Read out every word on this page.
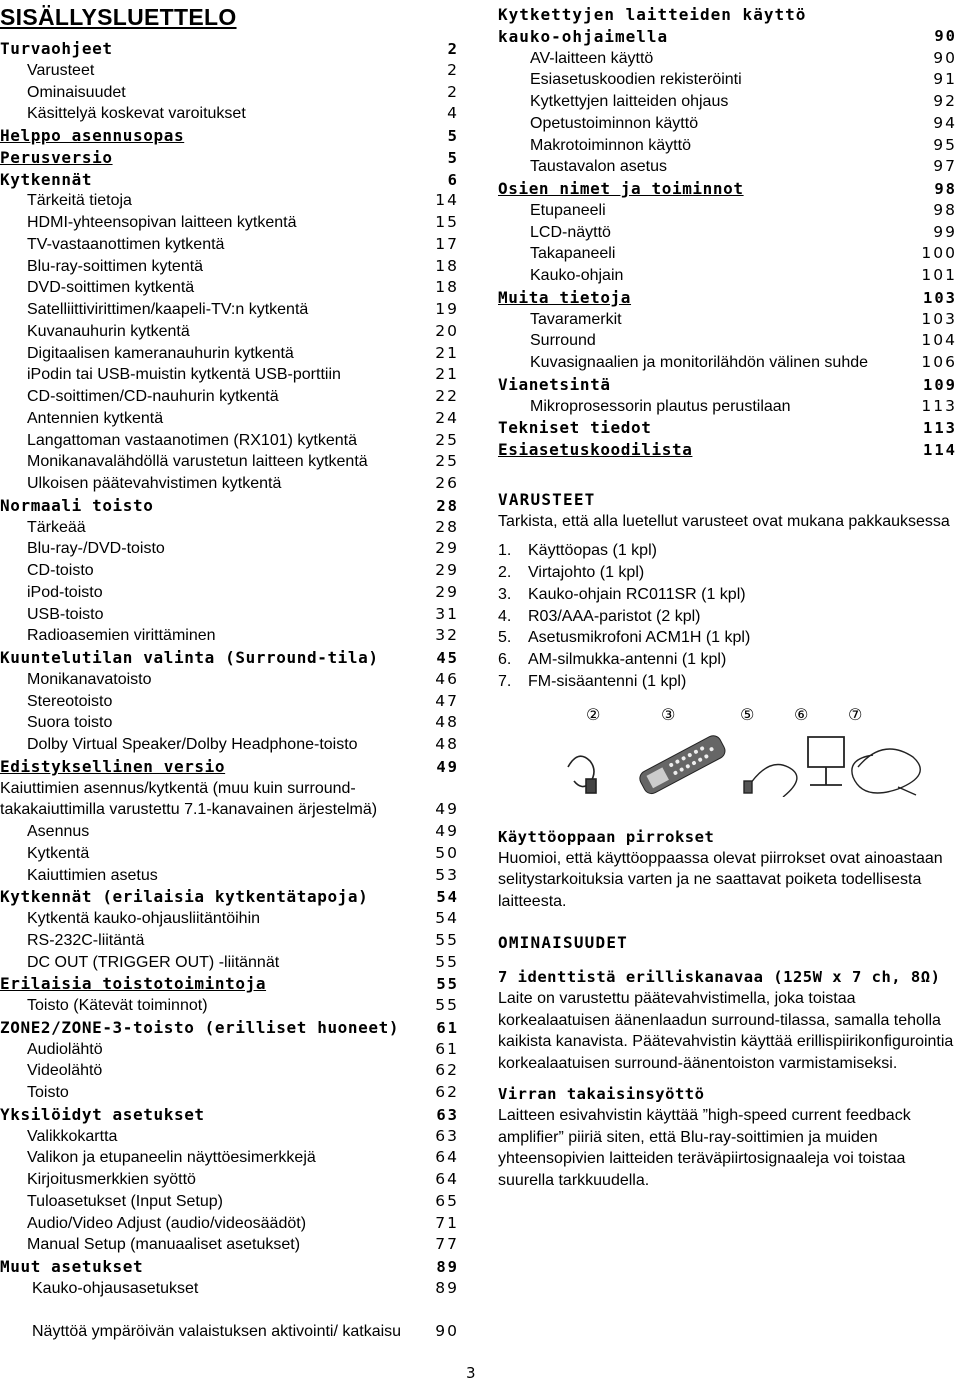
SISÄLLYSLUETTELO
Turvaohjeet	2
Varusteet	2
Ominaisuudet	2
Käsittelyä koskevat varoitukset	4
Helppo asennusopas	5
Perusversio	5
Kytkennät	6
Tärkeitä tietoja	14
HDMI-yhteensopivan laitteen kytkentä	15
TV-vastaanottimen kytkentä	17
Blu-ray-soittimen kytentä	18
DVD-soittimen kytkentä	18
Satelliittivirittimen/kaapeli-TV:n kytkentä	19
Kuvanauhurin kytkentä	20
Digitaalisen kameranauhurin kytkentä	21
iPodin tai USB-muistin kytkentä USB-porttiin	21
CD-soittimen/CD-nauhurin kytkentä	22
Antennien kytkentä	24
Langattoman vastaanotimen (RX101) kytkentä	25
Monikanavalähdöllä varustetun laitteen kytkentä	25
Ulkoisen päätevahvistimen kytkentä	26
Normaali toisto	28
Tärkeää	28
Blu-ray-/DVD-toisto	29
CD-toisto	29
iPod-toisto	29
USB-toisto	31
Radioasemien virittäminen	32
Kuuntelutilan valinta (Surround-tila)	45
Monikanavatoisto	46
Stereotoisto	47
Suora toisto	48
Dolby Virtual Speaker/Dolby Headphone-toisto	48
Edistyksellinen versio	49
Kaiuttimien asennus/kytkentä (muu kuin surround-takakaiuttimilla varustettu 7.1-kanavainen ärjestelmä)	49
Asennus	49
Kytkentä	50
Kaiuttimien asetus	53
Kytkennät (erilaisia kytkentätapoja)	54
Kytkentä kauko-ohjausliitäntöihin	54
RS-232C-liitäntä	55
DC OUT (TRIGGER OUT) -liitännät	55
Erilaisia toistotoimintoja	55
Toisto (Kätevät toiminnot)	55
ZONE2/ZONE-3-toisto (erilliset huoneet) 61
Audiolähtö	61
Videolähtö	62
Toisto	62
Yksilöidyt asetukset	63
Valikkokartta	63
Valikon ja etupaneelin näyttöesimerkkejä	64
Kirjoitusmerkkien syöttö	64
Tuloasetukset (Input Setup)	65
Audio/Video Adjust (audio/videosäädöt)	71
Manual Setup (manuaaliset asetukset)	77
Muut asetukset	89
Kauko-ohjausasetukset	89
Näyttöä ympäröivän valaistuksen aktivointi/ katkaisu	90
Kytkettyjen laitteiden käyttö kauko-ohjaimella	90
AV-laitteen käyttö	90
Esiasetuskoodien rekisteröinti	91
Kytkettyjen laitteiden ohjaus	92
Opetustoiminnon käyttö	94
Makrotoiminnon käyttö	95
Taustavalon asetus	97
Osien nimet ja toiminnot	98
Etupaneeli	98
LCD-näyttö	99
Takapaneeli	100
Kauko-ohjain	101
Muita tietoja	103
Tavaramerkit	103
Surround	104
Kuvasignaalien ja monitorilähdön välinen suhde	106
Vianetsintä	109
Mikroprosessorin plautus perustilaan	113
Tekniset tiedot	113
Esiasetuskoodilista	114
VARUSTEET
Tarkista, että alla luetellut varusteet ovat mukana pakkauksessa
1.	Käyttöopas (1 kpl)
2.	Virtajohto (1 kpl)
3.	Kauko-ohjain RC011SR (1 kpl)
4.	R03/AAA-paristot (2 kpl)
5.	Asetusmikrofoni ACM1H (1 kpl)
6.	AM-silmukka-antenni (1 kpl)
7.	FM-sisäantenni (1 kpl)
②	③	⑤ ⑥ ⑦
Käyttöoppaan pirrokset
Huomioi, että käyttöoppaassa olevat piirrokset ovat ainoastaan selitystarkoituksia varten ja ne saattavat poiketa todellisesta laitteesta.
OMINAISUUDET
7 identtistä erilliskanavaa (125W x 7 ch, 8Ω)
Laite on varustettu päätevahvistimella, joka toistaa korkealaatuisen äänenlaadun surround-tilassa, samalla teholla kaikista kanavista. Päätevahvistin käyttää erillispiirikonfigurointia korkealaatuisen surround-äänentoiston varmistamiseksi.
Virran takaisinsyöttö
Laitteen esivahvistin käyttää ”high-speed current feedback amplifier” piiriä siten, että Blu-ray-soittimien ja muiden yhteensopivien laitteiden teräväpiirtosignaaleja voi toistaa suurella tarkkuudella.
3
